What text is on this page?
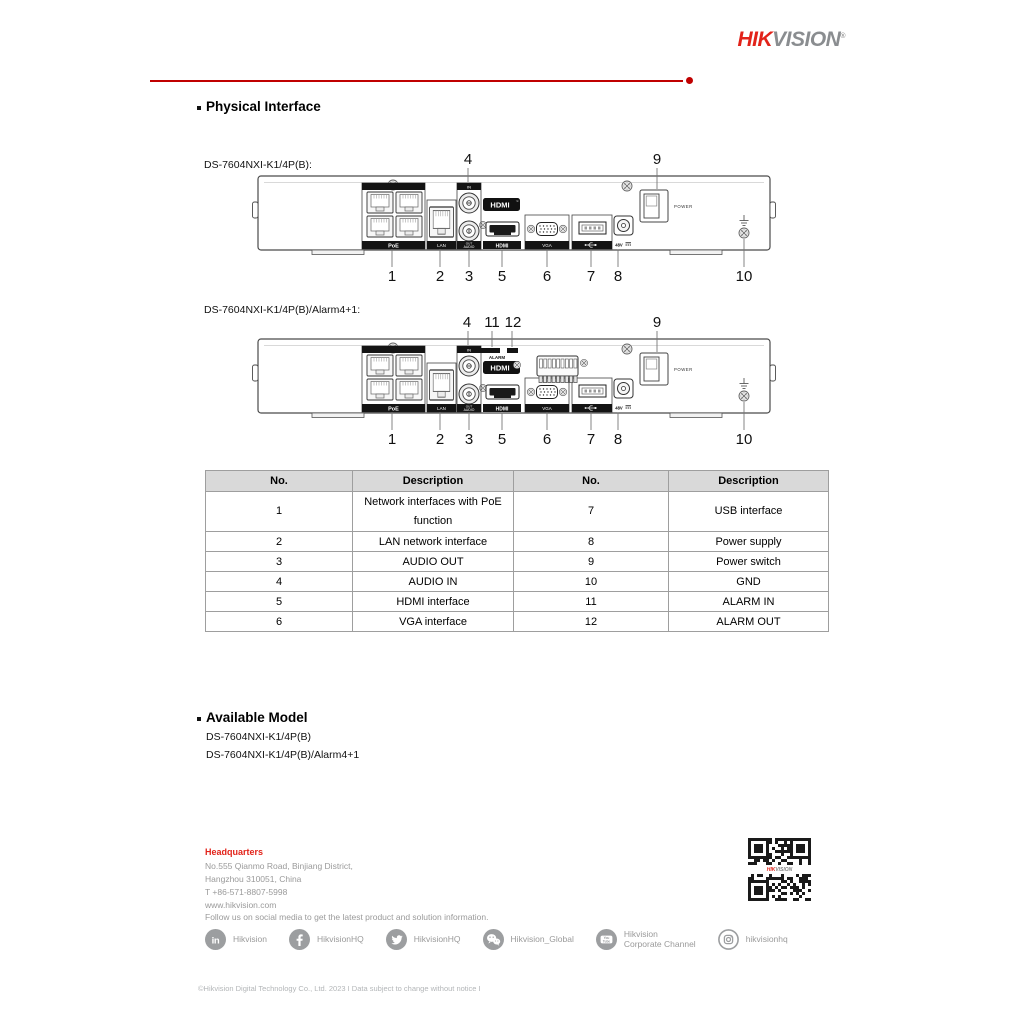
HIKVISION®
Physical Interface
DS-7604NXI-K1/4P(B):	4	9
DS-7604NXI-K1/4P(B)/Alarm4+1:
ALARM
4 11 12	9
No.	Description	No.	Description
1	Network interfaces with PoE function	7	USB interface
2	LAN network interface	8	Power supply
3	AUDIO OUT	9	Power switch
4	AUDIO IN	10	GND
5	HDMI interface	11	ALARM IN
6	VGA interface	12	ALARM OUT
Available Model
DS-7604NXI-K1/4P(B)
DS-7604NXI-K1/4P(B)/Alarm4+1
Headquarters
No.555 Qianmo Road, Binjiang District,
Hangzhou 310051, China
T +86-571-8807-5998
www.hikvision.com
HIKVISION
Follow us on social media to get the latest product and solution information.
in Hikvision	HikvisionHQ	HikvisionHQ	Hikvision_Global	You
Tube
Hikvision
Corporate Channel	hikvisionhq
©Hikvision Digital Technology Co., Ltd. 2023 I Data subject to change without notice I
